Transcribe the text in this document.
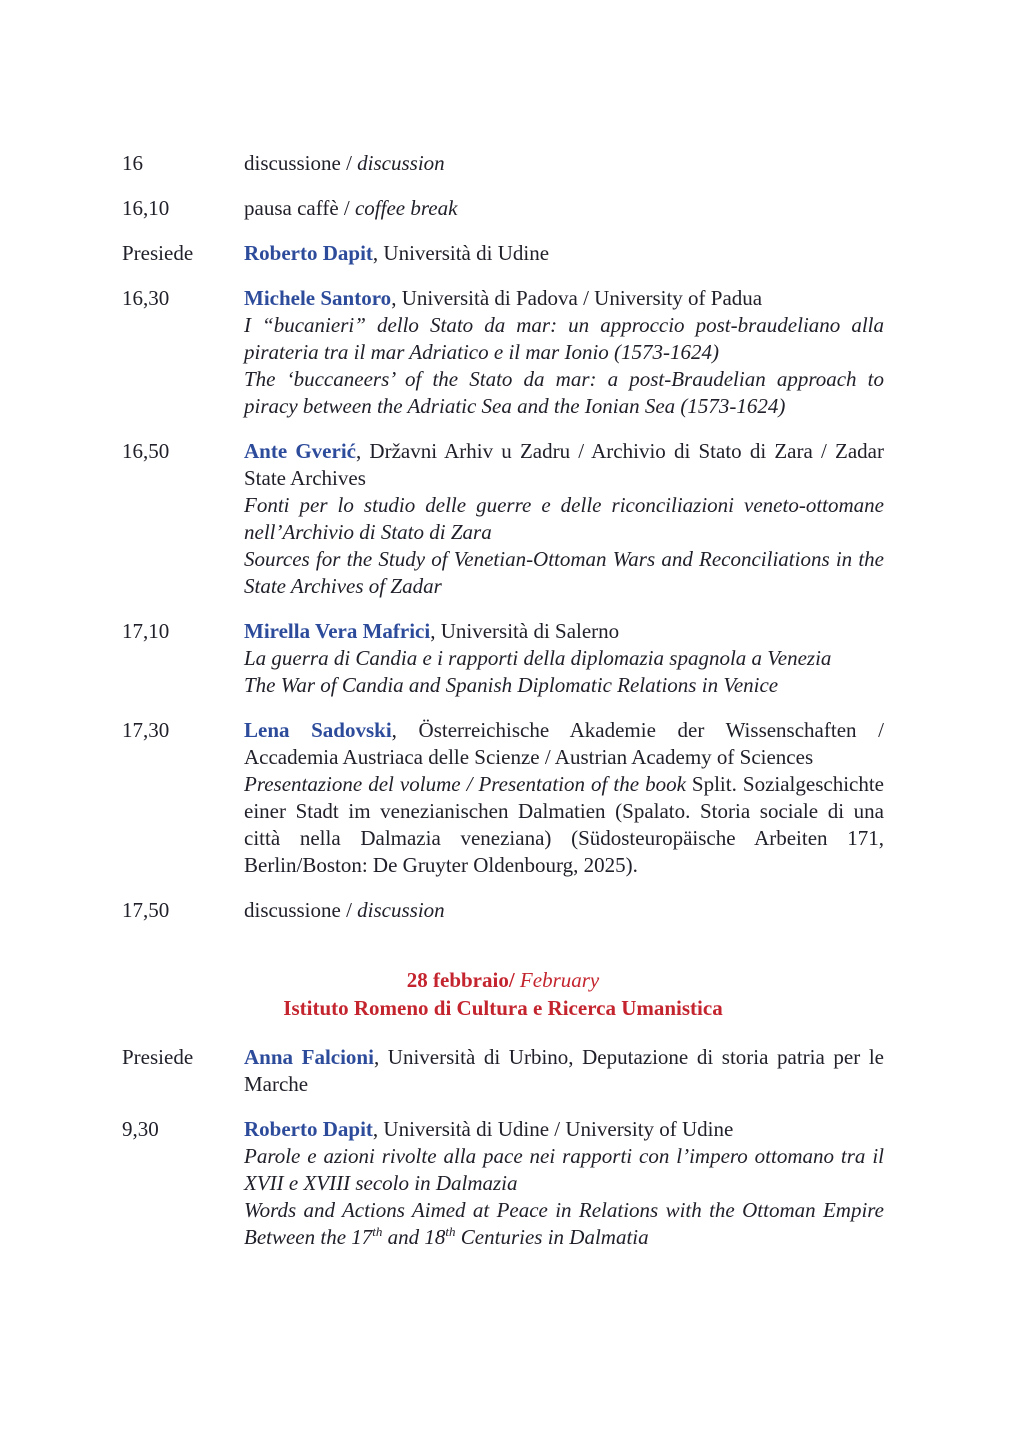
16	discussione / discussion
16,10	pausa caffè / coffee break
Presiede	Roberto Dapit, Università di Udine
16,30	Michele Santoro, Università di Padova / University of Padua
I “bucanieri” dello Stato da mar: un approccio post-braudeliano alla pirateria tra il mar Adriatico e il mar Ionio (1573-1624)
The ‘buccaneers’ of the Stato da mar: a post-Braudelian approach to piracy between the Adriatic Sea and the Ionian Sea (1573-1624)
16,50	Ante Gverić, Državni Arhiv u Zadru / Archivio di Stato di Zara / Zadar State Archives
Fonti per lo studio delle guerre e delle riconciliazioni veneto-ottomane nell’Archivio di Stato di Zara
Sources for the Study of Venetian-Ottoman Wars and Reconciliations in the State Archives of Zadar
17,10	Mirella Vera Mafrici, Università di Salerno
La guerra di Candia e i rapporti della diplomazia spagnola a Venezia
The War of Candia and Spanish Diplomatic Relations in Venice
17,30	Lena Sadovski, Österreichische Akademie der Wissenschaften / Accademia Austriaca delle Scienze / Austrian Academy of Sciences
Presentazione del volume / Presentation of the book Split. Sozialgeschichte einer Stadt im venezianischen Dalmatien (Spalato. Storia sociale di una città nella Dalmazia veneziana) (Südosteuropäische Arbeiten 171, Berlin/Boston: De Gruyter Oldenbourg, 2025).
17,50	discussione / discussion
28 febbraio/ February
Istituto Romeno di Cultura e Ricerca Umanistica
Presiede	Anna Falcioni, Università di Urbino, Deputazione di storia patria per le Marche
9,30	Roberto Dapit, Università di Udine / University of Udine
Parole e azioni rivolte alla pace nei rapporti con l’impero ottomano tra il XVII e XVIII secolo in Dalmazia
Words and Actions Aimed at Peace in Relations with the Ottoman Empire Between the 17th and 18th Centuries in Dalmatia
